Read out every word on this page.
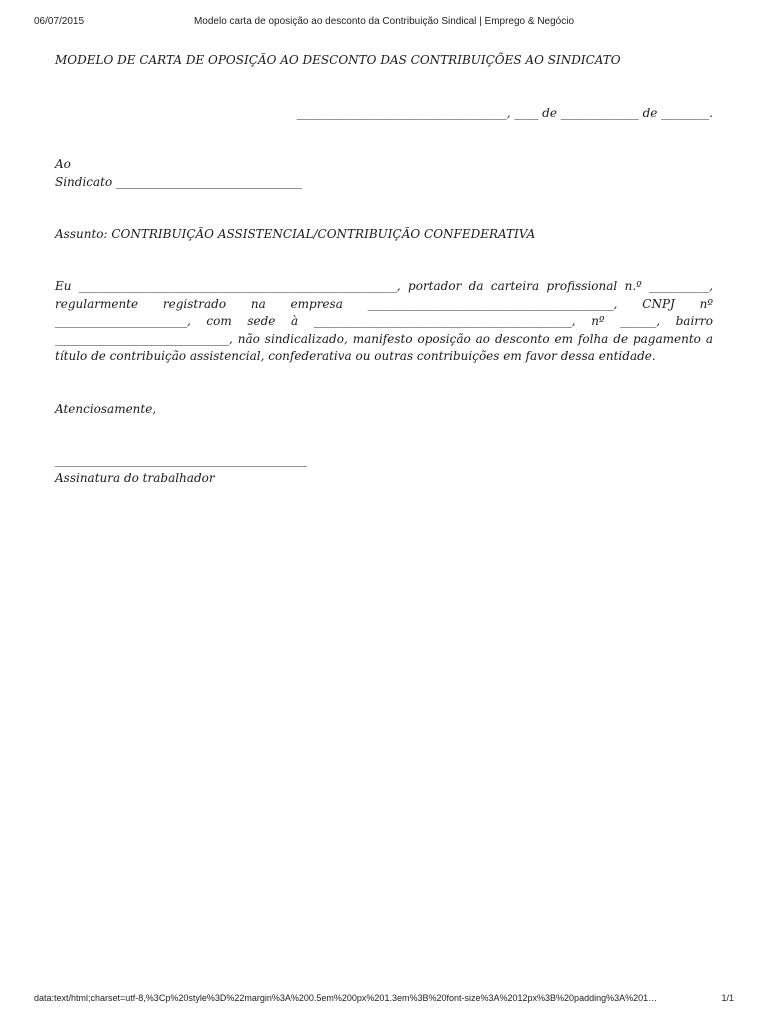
06/07/2015	Modelo carta de oposição ao desconto da Contribuição Sindical | Emprego & Negócio

MODELO DE CARTA DE OPOSIÇÃO AO DESCONTO DAS CONTRIBUIÇÕES AO SINDICATO

___________________________________, ____ de _____________ de ________.

Ao

Sindicato _______________________________

Assunto: CONTRIBUIÇÃO ASSISTENCIAL/CONTRIBUIÇÃO CONFEDERATIVA

Eu _____________________________________________________, portador da carteira profissional n.º __________, regularmente registrado na empresa _________________________________________, CNPJ nº ______________________, com sede à ___________________________________________, nº ______, bairro _____________________________, não sindicalizado, manifesto oposição ao desconto em folha de pagamento a título de contribuição assistencial, confederativa ou outras contribuições em favor dessa entidade.

Atenciosamente,

__________________________________________

Assinatura do trabalhador

data:text/html;charset=utf-8,%3Cp%20style%3D%22margin%3A%200.5em%200px%201.3em%3B%20font-size%3A%2012px%3B%20padding%3A%201…	1/1
